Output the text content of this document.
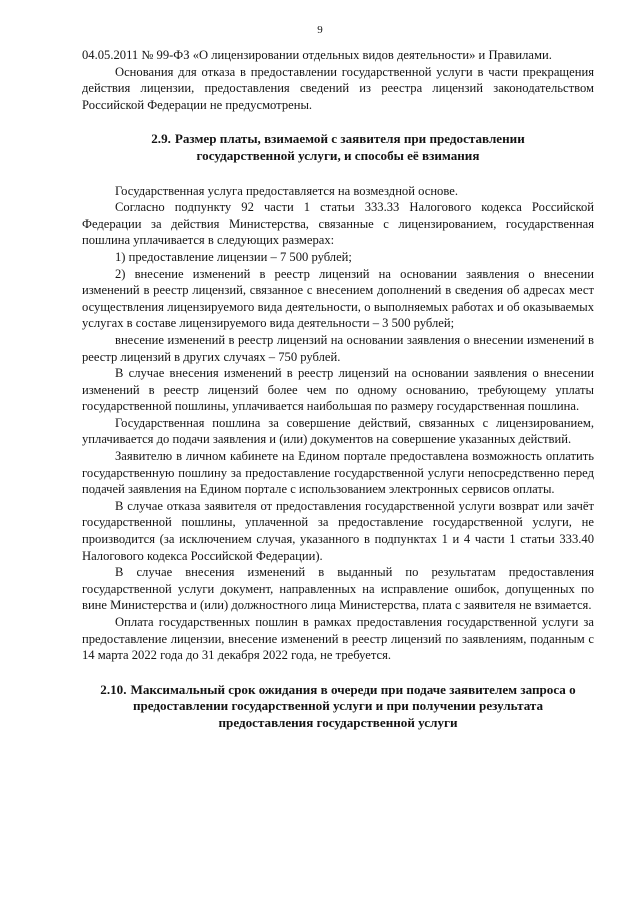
9

04.05.2011 № 99-ФЗ «О лицензировании отдельных видов деятельности» и Правилами.

Основания для отказа в предоставлении государственной услуги в части прекращения действия лицензии, предоставления сведений из реестра лицензий законодательством Российской Федерации не предусмотрены.

2.9. Размер платы, взимаемой с заявителя при предоставлении государственной услуги, и способы её взимания

Государственная услуга предоставляется на возмездной основе.

Согласно подпункту 92 части 1 статьи 333.33 Налогового кодекса Российской Федерации за действия Министерства, связанные с лицензированием, государственная пошлина уплачивается в следующих размерах:

1) предоставление лицензии – 7 500 рублей;

2) внесение изменений в реестр лицензий на основании заявления о внесении изменений в реестр лицензий, связанное с внесением дополнений в сведения об адресах мест осуществления лицензируемого вида деятельности, о выполняемых работах и об оказываемых услугах в составе лицензируемого вида деятельности – 3 500 рублей;

внесение изменений в реестр лицензий на основании заявления о внесении изменений в реестр лицензий в других случаях – 750 рублей.

В случае внесения изменений в реестр лицензий на основании заявления о внесении изменений в реестр лицензий более чем по одному основанию, требующему уплаты государственной пошлины, уплачивается наибольшая по размеру государственная пошлина.

Государственная пошлина за совершение действий, связанных с лицензированием, уплачивается до подачи заявления и (или) документов на совершение указанных действий.

Заявителю в личном кабинете на Едином портале предоставлена возможность оплатить государственную пошлину за предоставление государственной услуги непосредственно перед подачей заявления на Едином портале с использованием электронных сервисов оплаты.

В случае отказа заявителя от предоставления государственной услуги возврат или зачёт государственной пошлины, уплаченной за предоставление государственной услуги, не производится (за исключением случая, указанного в подпунктах 1 и 4 части 1 статьи 333.40 Налогового кодекса Российской Федерации).

В случае внесения изменений в выданный по результатам предоставления государственной услуги документ, направленных на исправление ошибок, допущенных по вине Министерства и (или) должностного лица Министерства, плата с заявителя не взимается.

Оплата государственных пошлин в рамках предоставления государственной услуги за предоставление лицензии, внесение изменений в реестр лицензий по заявлениям, поданным с 14 марта 2022 года до 31 декабря 2022 года, не требуется.

2.10. Максимальный срок ожидания в очереди при подаче заявителем запроса о предоставлении государственной услуги и при получении результата предоставления государственной услуги
